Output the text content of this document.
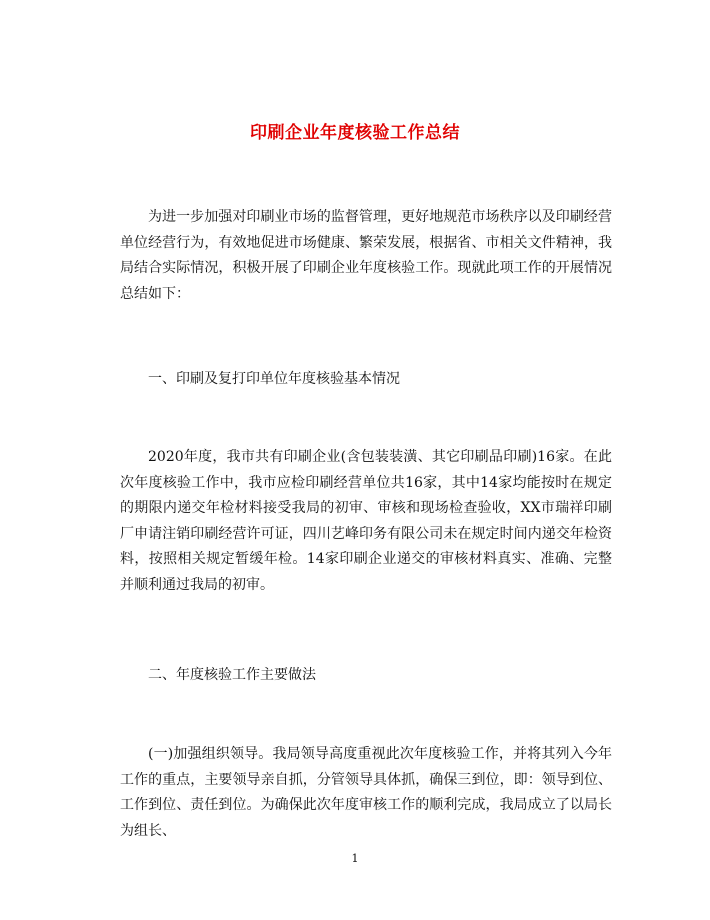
印刷企业年度核验工作总结

为进一步加强对印刷业市场的监督管理，更好地规范市场秩序以及印刷经营单位经营行为，有效地促进市场健康、繁荣发展，根据省、市相关文件精神，我局结合实际情况，积极开展了印刷企业年度核验工作。现就此项工作的开展情况总结如下：

一、印刷及复打印单位年度核验基本情况

2020年度，我市共有印刷企业(含包装装潢、其它印刷品印刷)16家。在此次年度核验工作中，我市应检印刷经营单位共16家，其中14家均能按时在规定的期限内递交年检材料接受我局的初审、审核和现场检查验收，XX市瑞祥印刷厂申请注销印刷经营许可证，四川艺峰印务有限公司未在规定时间内递交年检资料，按照相关规定暂缓年检。14家印刷企业递交的审核材料真实、准确、完整并顺利通过我局的初审。

二、年度核验工作主要做法

(一)加强组织领导。我局领导高度重视此次年度核验工作，并将其列入今年工作的重点，主要领导亲自抓，分管领导具体抓，确保三到位，即：领导到位、工作到位、责任到位。为确保此次年度审核工作的顺利完成，我局成立了以局长为组长、

1
